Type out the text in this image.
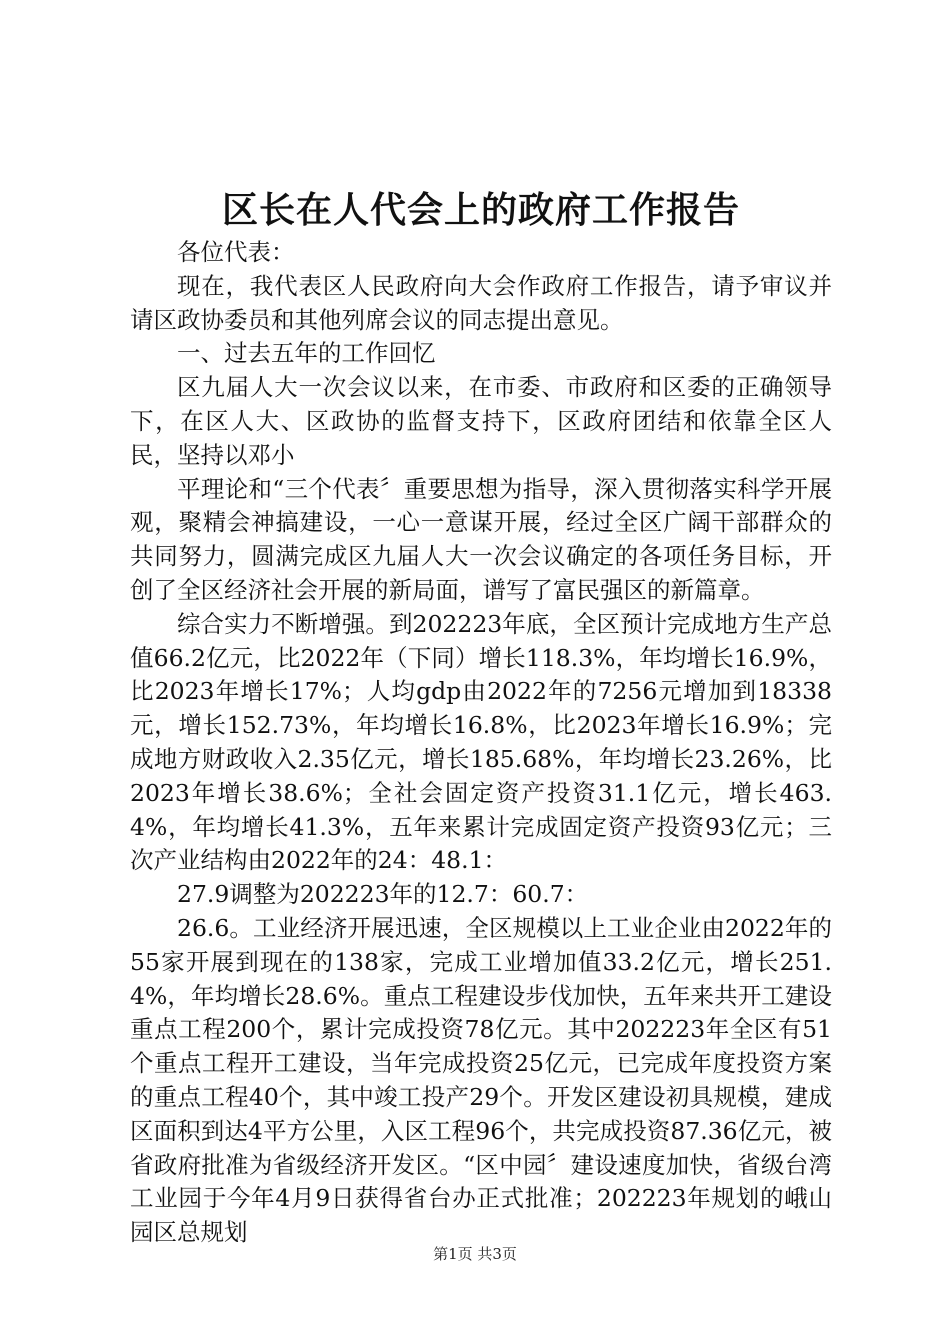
区长在人代会上的政府工作报告

各位代表：

现在，我代表区人民政府向大会作政府工作报告，请予审议并请区政协委员和其他列席会议的同志提出意见。

一、过去五年的工作回忆

区九届人大一次会议以来，在市委、市政府和区委的正确领导下，在区人大、区政协的监督支持下，区政府团结和依靠全区人民，坚持以邓小

平理论和“三个代表〞重要思想为指导，深入贯彻落实科学开展观，聚精会神搞建设，一心一意谋开展，经过全区广阔干部群众的共同努力，圆满完成区九届人大一次会议确定的各项任务目标，开创了全区经济社会开展的新局面，谱写了富民强区的新篇章。

综合实力不断增强。到202223年底，全区预计完成地方生产总值66.2亿元，比2022年（下同）增长118.3%，年均增长16.9%，比2023年增长17%；人均gdp由2022年的7256元增加到18338元，增长152.73%，年均增长16.8%，比2023年增长16.9%；完成地方财政收入2.35亿元，增长185.68%，年均增长23.26%，比2023年增长38.6%；全社会固定资产投资31.1亿元，增长463.4%，年均增长41.3%，五年来累计完成固定资产投资93亿元；三次产业结构由2022年的24：48.1：

27.9调整为202223年的12.7：60.7：

26.6。工业经济开展迅速，全区规模以上工业企业由2022年的55家开展到现在的138家，完成工业增加值33.2亿元，增长251.4%，年均增长28.6%。重点工程建设步伐加快，五年来共开工建设重点工程200个，累计完成投资78亿元。其中202223年全区有51个重点工程开工建设，当年完成投资25亿元，已完成年度投资方案的重点工程40个，其中竣工投产29个。开发区建设初具规模，建成区面积到达4平方公里，入区工程96个，共完成投资87.36亿元，被省政府批准为省级经济开发区。“区中园〞建设速度加快，省级台湾工业园于今年4月9日获得省台办正式批准；202223年规划的峨山园区总规划

第1页 共3页
